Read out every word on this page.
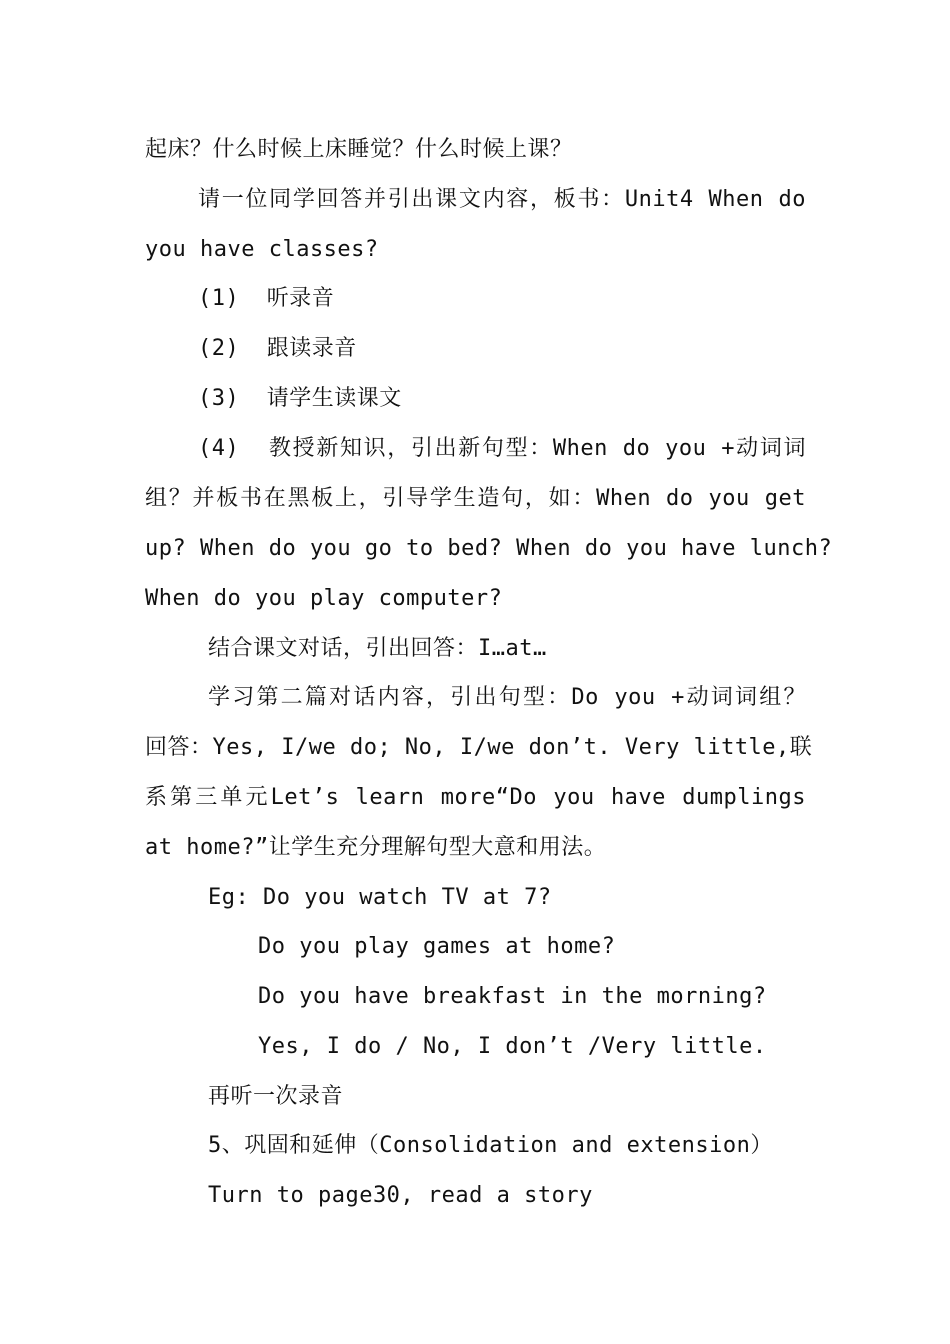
起床？什么时候上床睡觉？什么时候上课？
请一位同学回答并引出课文内容，板书：Unit4 When do
you have classes?
(1)  听录音
(2)  跟读录音
(3)  请学生读课文
(4)  教授新知识，引出新句型：When do you +动词词
组？并板书在黑板上，引导学生造句，如：When do you get
up? When do you go to bed? When do you have lunch?
When do you play computer?
结合课文对话，引出回答：I…at…
学习第二篇对话内容，引出句型：Do you +动词词组？
回答：Yes, I/we do; No, I/we don’t. Very little,联
系第三单元Let’s learn more“Do you have dumplings
at home?”让学生充分理解句型大意和用法。
Eg: Do you watch TV at 7?
Do you play games at home?
Do you have breakfast in the morning?
Yes, I do / No, I don’t /Very little.
再听一次录音
5、巩固和延伸（Consolidation and extension）
Turn to page30, read a story
